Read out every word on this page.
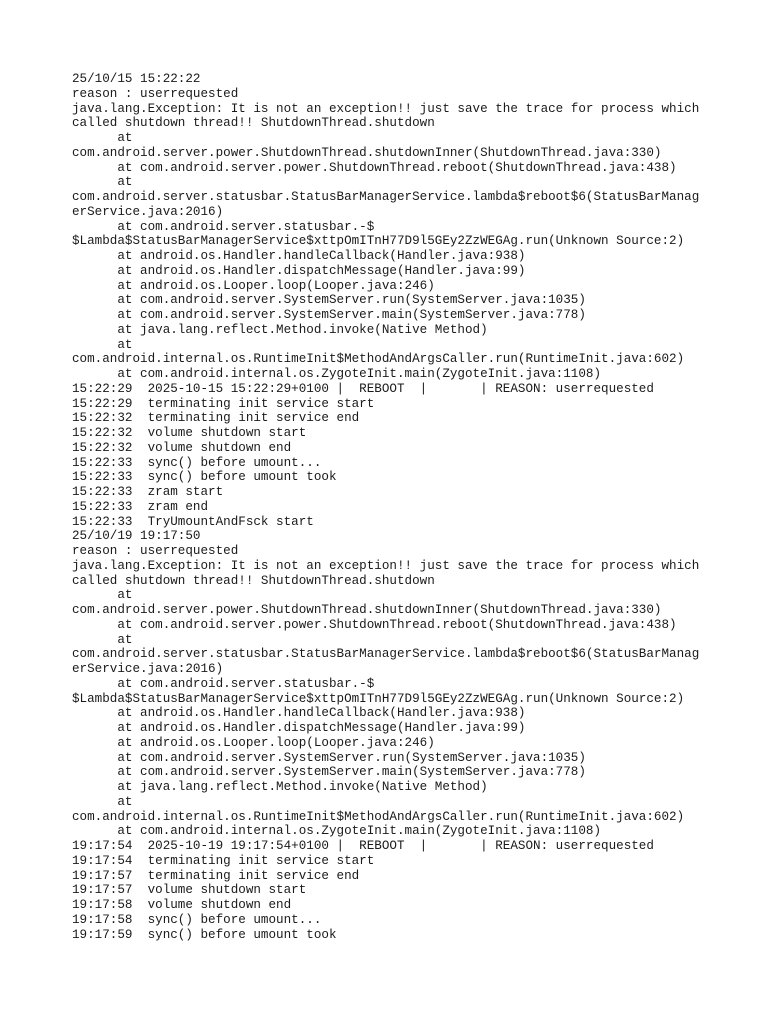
25/10/15 15:22:22
reason : userrequested
java.lang.Exception: It is not an exception!! just save the trace for process which
called shutdown thread!! ShutdownThread.shutdown
at
com.android.server.power.ShutdownThread.shutdownInner(ShutdownThread.java:330)
at com.android.server.power.ShutdownThread.reboot(ShutdownThread.java:438)
at
com.android.server.statusbar.StatusBarManagerService.lambda$reboot$6(StatusBarManag
erService.java:2016)
at com.android.server.statusbar.-$
$Lambda$StatusBarManagerService$xttpOmITnH77D9l5GEy2ZzWEGAg.run(Unknown Source:2)
at android.os.Handler.handleCallback(Handler.java:938)
at android.os.Handler.dispatchMessage(Handler.java:99)
at android.os.Looper.loop(Looper.java:246)
at com.android.server.SystemServer.run(SystemServer.java:1035)
at com.android.server.SystemServer.main(SystemServer.java:778)
at java.lang.reflect.Method.invoke(Native Method)
at
com.android.internal.os.RuntimeInit$MethodAndArgsCaller.run(RuntimeInit.java:602)
at com.android.internal.os.ZygoteInit.main(ZygoteInit.java:1108)
15:22:29  2025-10-15 15:22:29+0100 |  REBOOT  |       | REASON: userrequested
15:22:29  terminating init service start
15:22:32  terminating init service end
15:22:32  volume shutdown start
15:22:32  volume shutdown end
15:22:33  sync() before umount...
15:22:33  sync() before umount took
15:22:33  zram start
15:22:33  zram end
15:22:33  TryUmountAndFsck start
25/10/19 19:17:50
reason : userrequested
java.lang.Exception: It is not an exception!! just save the trace for process which
called shutdown thread!! ShutdownThread.shutdown
at
com.android.server.power.ShutdownThread.shutdownInner(ShutdownThread.java:330)
at com.android.server.power.ShutdownThread.reboot(ShutdownThread.java:438)
at
com.android.server.statusbar.StatusBarManagerService.lambda$reboot$6(StatusBarManag
erService.java:2016)
at com.android.server.statusbar.-$
$Lambda$StatusBarManagerService$xttpOmITnH77D9l5GEy2ZzWEGAg.run(Unknown Source:2)
at android.os.Handler.handleCallback(Handler.java:938)
at android.os.Handler.dispatchMessage(Handler.java:99)
at android.os.Looper.loop(Looper.java:246)
at com.android.server.SystemServer.run(SystemServer.java:1035)
at com.android.server.SystemServer.main(SystemServer.java:778)
at java.lang.reflect.Method.invoke(Native Method)
at
com.android.internal.os.RuntimeInit$MethodAndArgsCaller.run(RuntimeInit.java:602)
at com.android.internal.os.ZygoteInit.main(ZygoteInit.java:1108)
19:17:54  2025-10-19 19:17:54+0100 |  REBOOT  |       | REASON: userrequested
19:17:54  terminating init service start
19:17:57  terminating init service end
19:17:57  volume shutdown start
19:17:58  volume shutdown end
19:17:58  sync() before umount...
19:17:59  sync() before umount took
